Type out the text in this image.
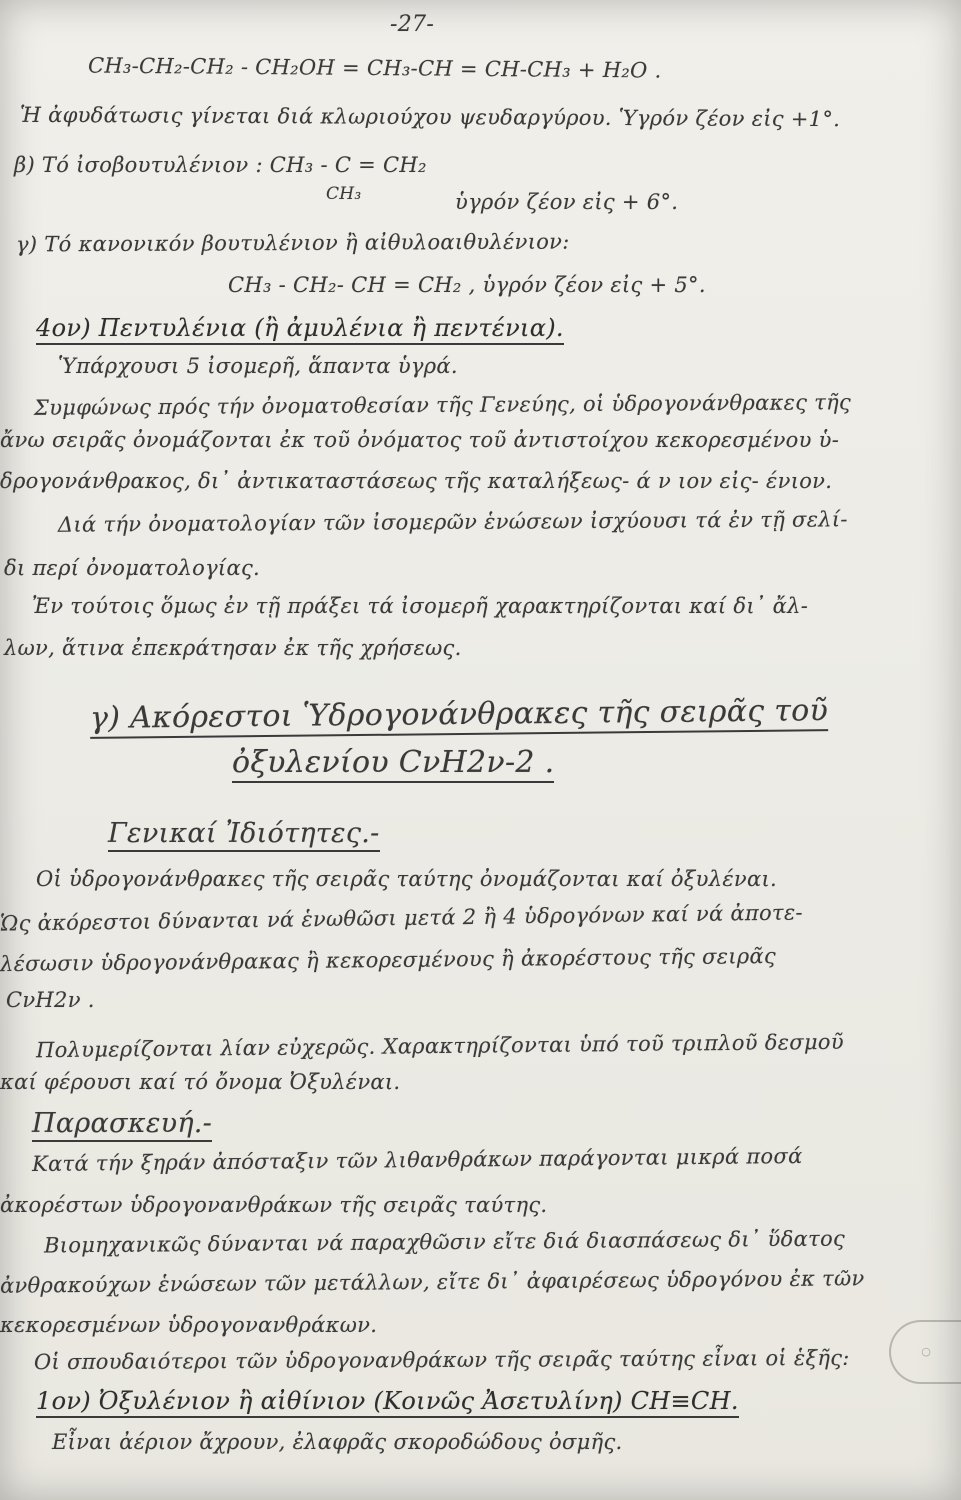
-27-
CH₃-CH₂-CH₂ - CH₂OH = CH₃-CH = CH-CH₃ + H₂O .
Ἡ ἀφυδάτωσις γίνεται διά κλωριούχου ψευδαργύρου. Ὑγρόν ζέον εἰς +1°.
β) Τό ἰσοβουτυλένιον : CH₃ - C = CH₂
CH₃	ὑγρόν ζέον εἰς + 6°.
γ) Τό κανονικόν βουτυλένιον ἢ αἰθυλοαιθυλένιον:
CH₃ - CH₂- CH = CH₂ , ὑγρόν ζέον εἰς + 5°.
4ον) Πεντυλένια (ἢ ἀμυλένια ἢ πεντένια).
Ὑπάρχουσι 5 ἰσομερῆ, ἅπαντα ὑγρά.
Συμφώνως πρός τήν ὀνοματοθεσίαν τῆς Γενεύης, οἱ ὑδρογονάνθρακες τῆς
ἄνω σειρᾶς ὀνομάζονται ἐκ τοῦ ὀνόματος τοῦ ἀντιστοίχου κεκορεσμένου ὑ-
δρογονάνθρακος, δι᾽ ἀντικαταστάσεως τῆς καταλήξεως- ά ν ιον εἰς- ένιον.
Διά τήν ὀνοματολογίαν τῶν ἰσομερῶν ἑνώσεων ἰσχύουσι τά ἐν τῇ σελί-
δι περί ὀνοματολογίας.
Ἐν τούτοις ὅμως ἐν τῇ πράξει τά ἰσομερῆ χαρακτηρίζονται καί δι᾽ ἄλ-
λων, ἅτινα ἐπεκράτησαν ἐκ τῆς χρήσεως.
γ) Ακόρεστοι Ὑδρογονάνθρακες τῆς σειρᾶς τοῦ
ὀξυλενίου CνH2ν-2 .
Γενικαί Ἰδιότητες.-
Οἱ ὑδρογονάνθρακες τῆς σειρᾶς ταύτης ὀνομάζονται καί ὀξυλέναι.
Ὡς ἀκόρεστοι δύνανται νά ἑνωθῶσι μετά 2 ἢ 4 ὑδρογόνων καί νά ἀποτε-
λέσωσιν ὑδρογονάνθρακας ἢ κεκορεσμένους ἢ ἀκορέστους τῆς σειρᾶς
CνH2ν .
Πολυμερίζονται λίαν εὐχερῶς. Χαρακτηρίζονται ὑπό τοῦ τριπλοῦ δεσμοῦ
καί φέρουσι καί τό ὄνομα Ὀξυλέναι.
Παρασκευή.-
Κατά τήν ξηράν ἀπόσταξιν τῶν λιθανθράκων παράγονται μικρά ποσά
ἀκορέστων ὑδρογονανθράκων τῆς σειρᾶς ταύτης.
Βιομηχανικῶς δύνανται νά παραχθῶσιν εἴτε διά διασπάσεως δι᾽ ὕδατος
ἀνθρακούχων ἑνώσεων τῶν μετάλλων, εἴτε δι᾽ ἀφαιρέσεως ὑδρογόνου ἐκ τῶν
κεκορεσμένων ὑδρογονανθράκων.
Οἱ σπουδαιότεροι τῶν ὑδρογονανθράκων τῆς σειρᾶς ταύτης εἶναι οἱ ἑξῆς:
1ον) Ὀξυλένιον ἢ αἰθίνιον (Κοινῶς Ἀσετυλίνη) CH≡CH.
Εἶναι ἀέριον ἄχρουν, ἐλαφρᾶς σκοροδώδους ὀσμῆς.
○
